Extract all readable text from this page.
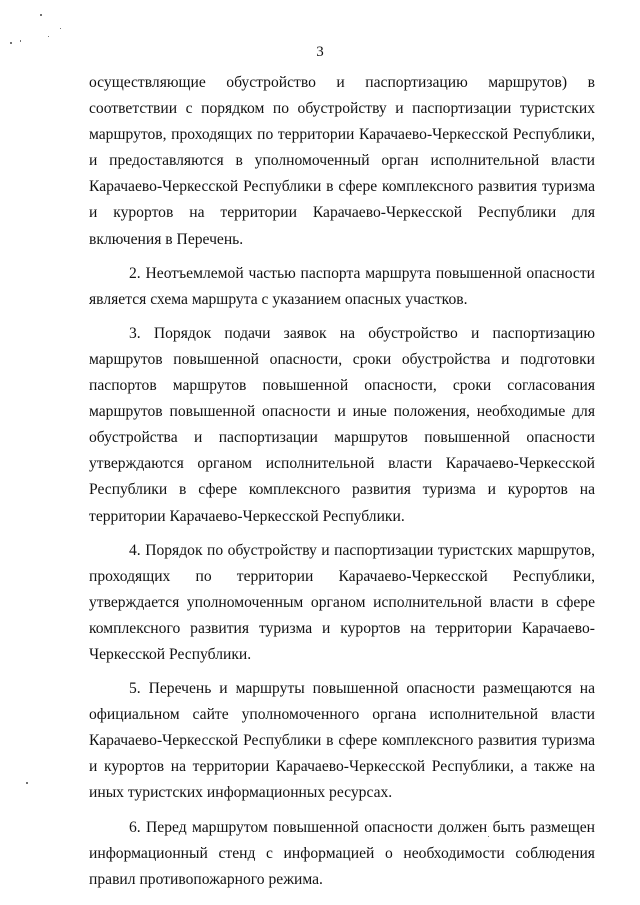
3

осуществляющие обустройство и паспортизацию маршрутов) в соответствии с порядком по обустройству и паспортизации туристских маршрутов, проходящих по территории Карачаево-Черкесской Республики, и предоставляются в уполномоченный орган исполнительной власти Карачаево-Черкесской Республики в сфере комплексного развития туризма и курортов на территории Карачаево-Черкесской Республики для включения в Перечень.

2. Неотъемлемой частью паспорта маршрута повышенной опасности является схема маршрута с указанием опасных участков.

3. Порядок подачи заявок на обустройство и паспортизацию маршрутов повышенной опасности, сроки обустройства и подготовки паспортов маршрутов повышенной опасности, сроки согласования маршрутов повышенной опасности и иные положения, необходимые для обустройства и паспортизации маршрутов повышенной опасности утверждаются органом исполнительной власти Карачаево-Черкесской Республики в сфере комплексного развития туризма и курортов на территории Карачаево-Черкесской Республики.

4. Порядок по обустройству и паспортизации туристских маршрутов, проходящих по территории Карачаево-Черкесской Республики, утверждается уполномоченным органом исполнительной власти в сфере комплексного развития туризма и курортов на территории Карачаево-Черкесской Республики.

5. Перечень и маршруты повышенной опасности размещаются на официальном сайте уполномоченного органа исполнительной власти Карачаево-Черкесской Республики в сфере комплексного развития туризма и курортов на территории Карачаево-Черкесской Республики, а также на иных туристских информационных ресурсах.

6. Перед маршрутом повышенной опасности должен быть размещен информационный стенд с информацией о необходимости соблюдения правил противопожарного режима.
